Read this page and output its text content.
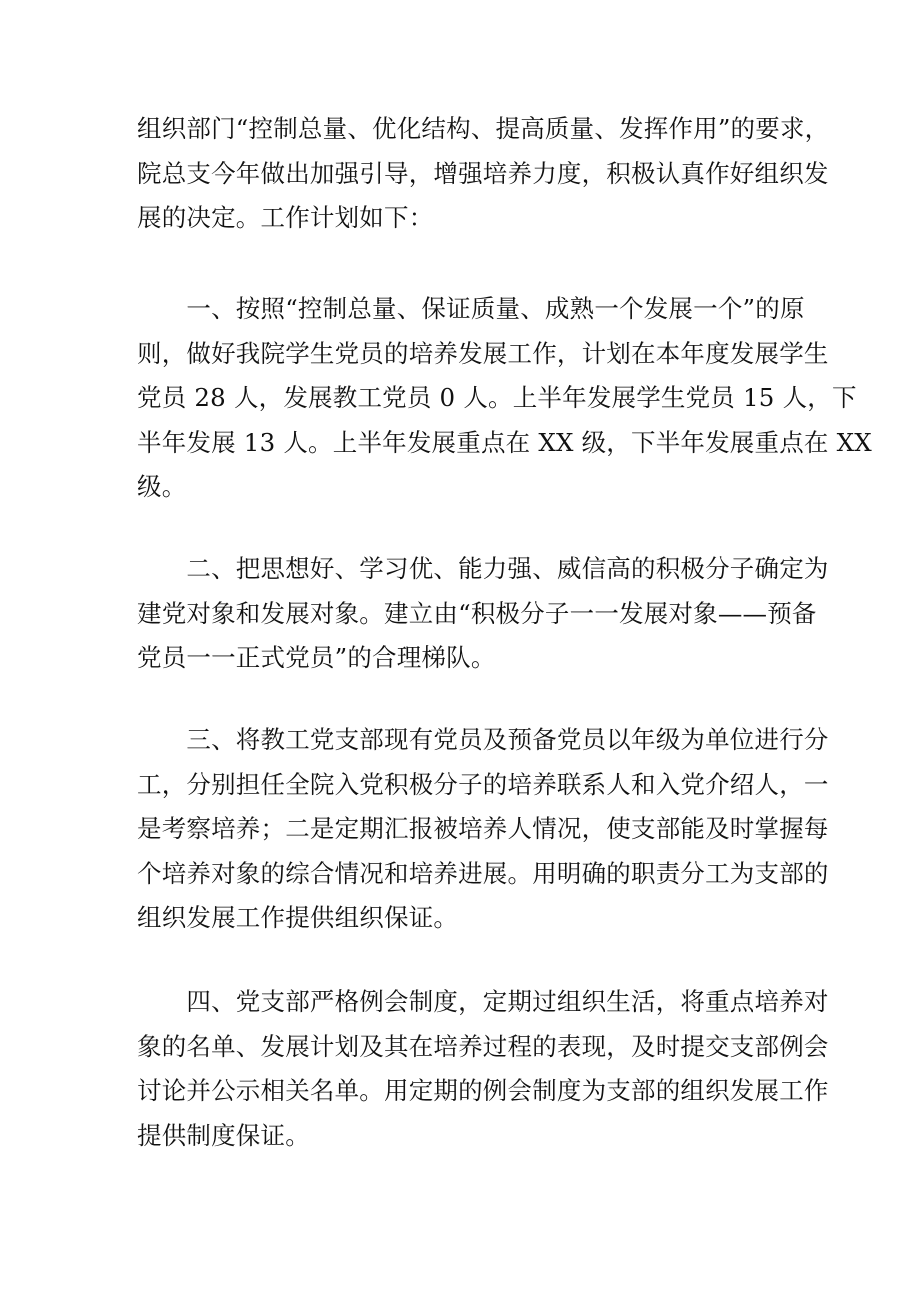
组织部门“控制总量、优化结构、提高质量、发挥作用”的要求，
院总支今年做出加强引导，增强培养力度，积极认真作好组织发
展的决定。工作计划如下：

　　一、按照“控制总量、保证质量、成熟一个发展一个”的原
则，做好我院学生党员的培养发展工作，计划在本年度发展学生
党员 28 人，发展教工党员 0 人。上半年发展学生党员 15 人，下
半年发展 13 人。上半年发展重点在 XX 级，下半年发展重点在 XX
级。

　　二、把思想好、学习优、能力强、威信高的积极分子确定为
建党对象和发展对象。建立由“积极分子一一发展对象——预备
党员一一正式党员”的合理梯队。

　　三、将教工党支部现有党员及预备党员以年级为单位进行分
工，分别担任全院入党积极分子的培养联系人和入党介绍人，一
是考察培养；二是定期汇报被培养人情况，使支部能及时掌握每
个培养对象的综合情况和培养进展。用明确的职责分工为支部的
组织发展工作提供组织保证。

　　四、党支部严格例会制度，定期过组织生活，将重点培养对
象的名单、发展计划及其在培养过程的表现，及时提交支部例会
讨论并公示相关名单。用定期的例会制度为支部的组织发展工作
提供制度保证。
